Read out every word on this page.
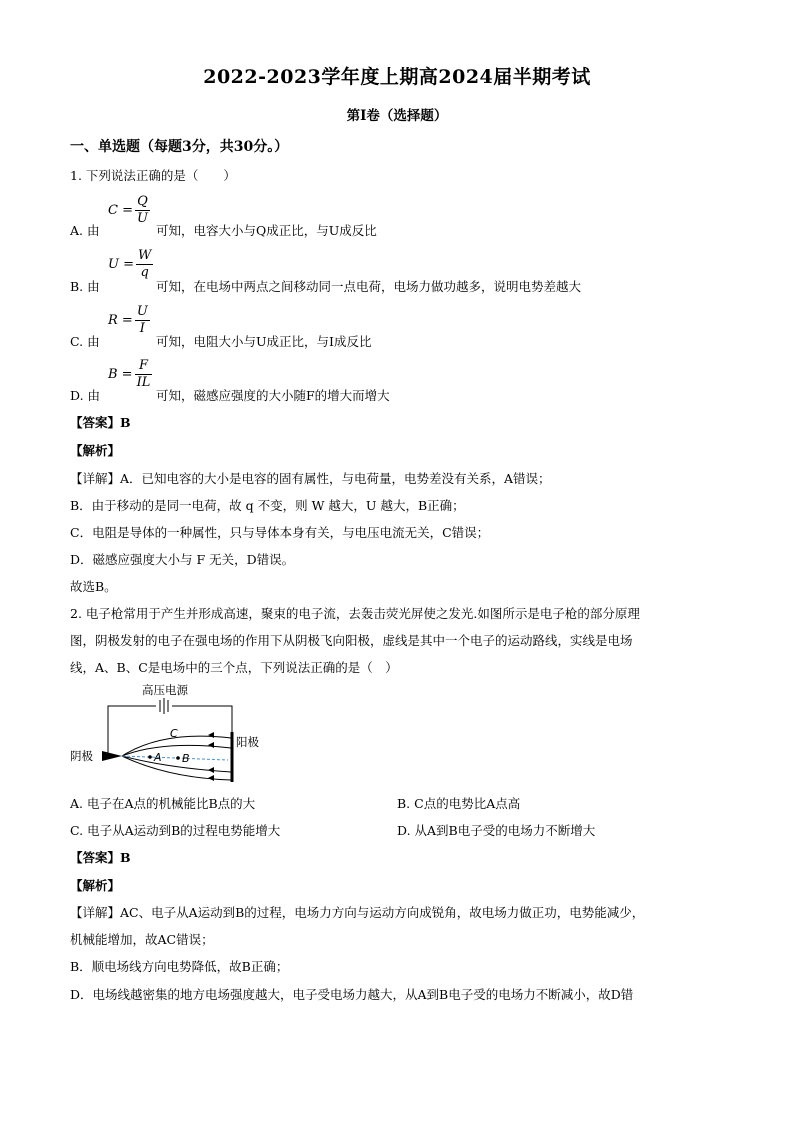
2022-2023学年度上期高2024届半期考试
第Ⅰ卷（选择题）
一、单选题（每题3分，共30分。）
1. 下列说法正确的是（　　）
$C = \frac{Q}{U}$
A. 由	可知，电容大小与Q成正比，与U成反比
$U = \frac{W}{q}$
B. 由	可知，在电场中两点之间移动同一点电荷，电场力做功越多，说明电势差越大
$R = \frac{U}{I}$
C. 由	可知，电阻大小与U成正比，与I成反比
$B = \frac{F}{IL}$
D. 由	可知，磁感应强度的大小随F的增大而增大
【答案】B
【解析】
【详解】A．已知电容的大小是电容的固有属性，与电荷量，电势差没有关系，A错误；
B．由于移动的是同一电荷，故 q 不变，则 W 越大，U 越大，B正确；
C．电阻是导体的一种属性，只与导体本身有关，与电压电流无关，C错误；
D．磁感应强度大小与 F 无关，D错误。
故选B。
2. 电子枪常用于产生并形成高速，聚束的电子流，去轰击荧光屏使之发光.如图所示是电子枪的部分原理
图，阴极发射的电子在强电场的作用下从阴极飞向阳极，虚线是其中一个电子的运动路线，实线是电场
线，A、B、C是电场中的三个点，下列说法正确的是（　）
高压电源
阴极
阳极
A B
C
A. 电子在A点的机械能比B点的大	B. C点的电势比A点高
C. 电子从A运动到B的过程电势能增大	D. 从A到B电子受的电场力不断增大
【答案】B
【解析】
【详解】AC、电子从A运动到B的过程，电场力方向与运动方向成锐角，故电场力做正功，电势能减少，
机械能增加，故AC错误；
B．顺电场线方向电势降低，故B正确；
D．电场线越密集的地方电场强度越大，电子受电场力越大，从A到B电子受的电场力不断减小，故D错
